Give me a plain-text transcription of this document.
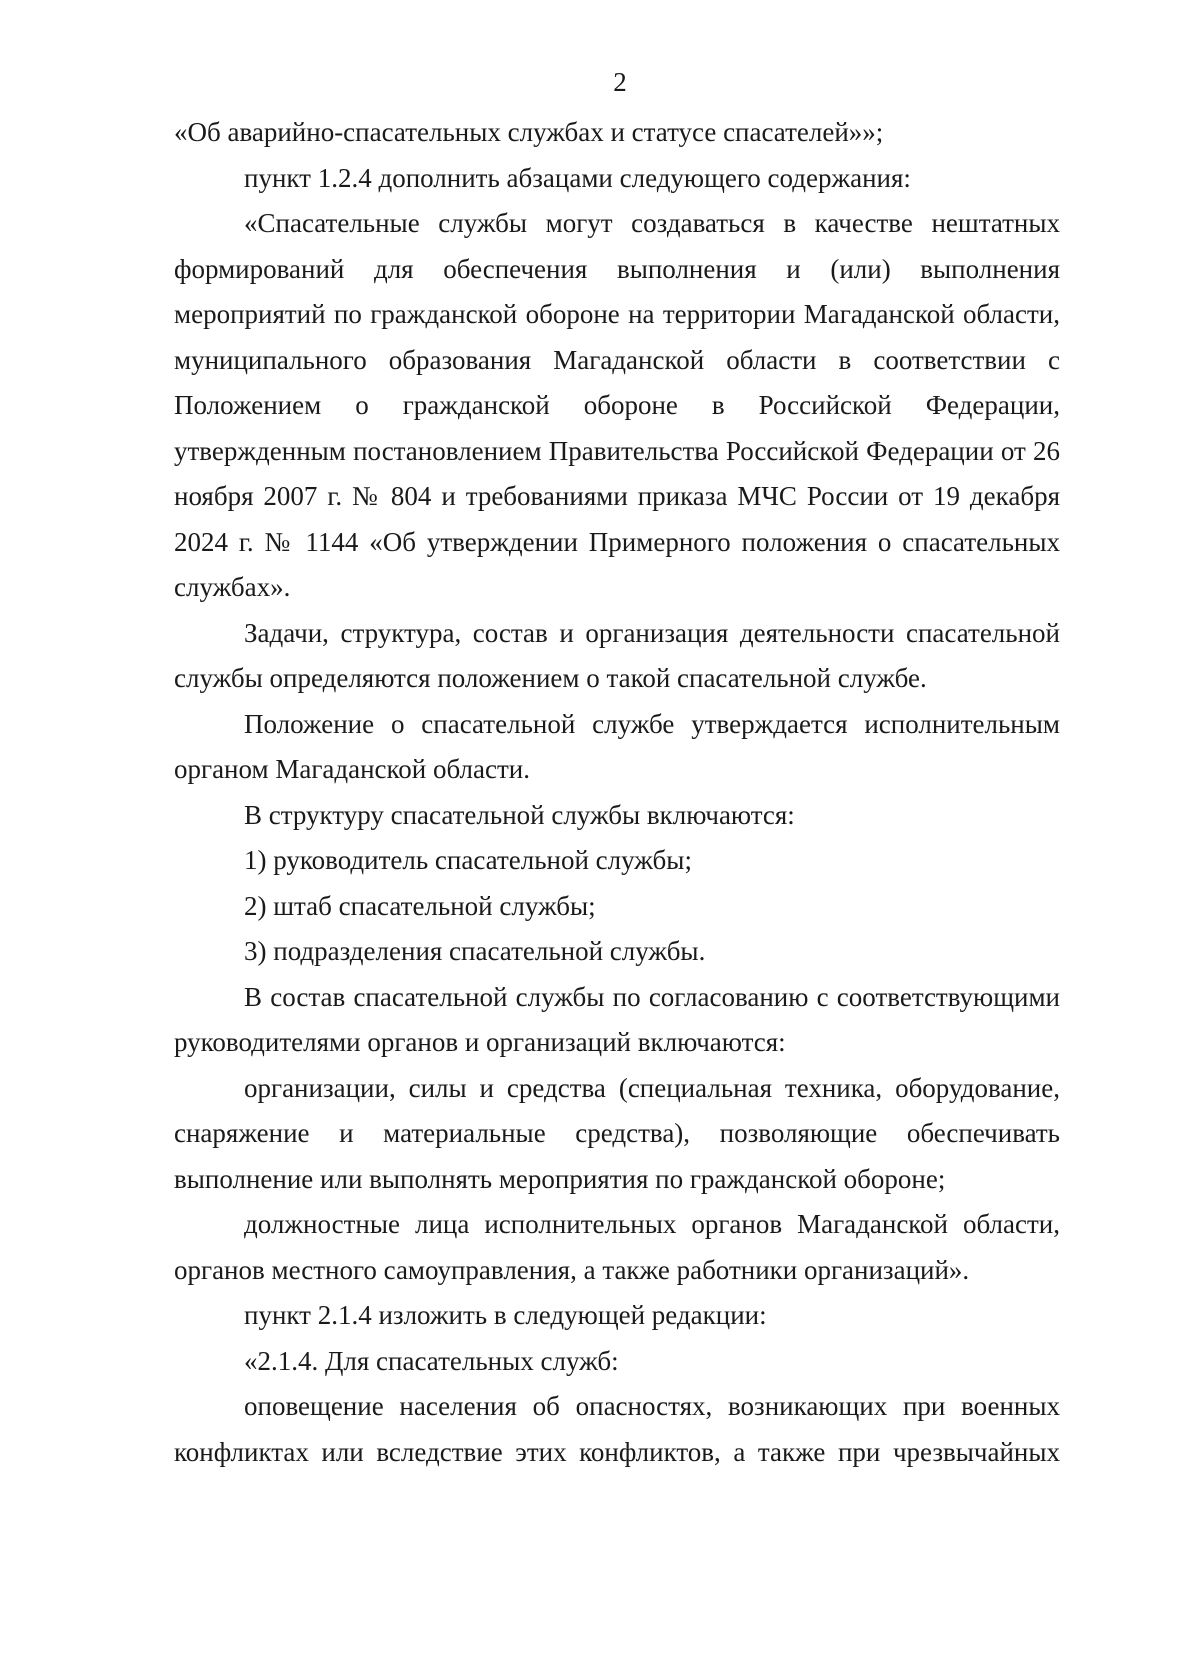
2

«Об аварийно-спасательных службах и статусе спасателей»»;

пункт 1.2.4 дополнить абзацами следующего содержания:

«Спасательные службы могут создаваться в качестве нештатных формирований для обеспечения выполнения и (или) выполнения мероприятий по гражданской обороне на территории Магаданской области, муниципального образования Магаданской области в соответствии с Положением о гражданской обороне в Российской Федерации, утвержденным постановлением Правительства Российской Федерации от 26 ноября 2007 г. № 804 и требованиями приказа МЧС России от 19 декабря 2024 г. № 1144 «Об утверждении Примерного положения о спасательных службах».

Задачи, структура, состав и организация деятельности спасательной службы определяются положением о такой спасательной службе.

Положение о спасательной службе утверждается исполнительным органом Магаданской области.

В структуру спасательной службы включаются:

1) руководитель спасательной службы;

2) штаб спасательной службы;

3) подразделения спасательной службы.

В состав спасательной службы по согласованию с соответствующими руководителями органов и организаций включаются:

организации, силы и средства (специальная техника, оборудование, снаряжение и материальные средства), позволяющие обеспечивать выполнение или выполнять мероприятия по гражданской обороне;

должностные лица исполнительных органов Магаданской области, органов местного самоуправления, а также работники организаций».

пункт 2.1.4 изложить в следующей редакции:

«2.1.4. Для спасательных служб:

оповещение населения об опасностях, возникающих при военных конфликтах или вследствие этих конфликтов, а также при чрезвычайных
